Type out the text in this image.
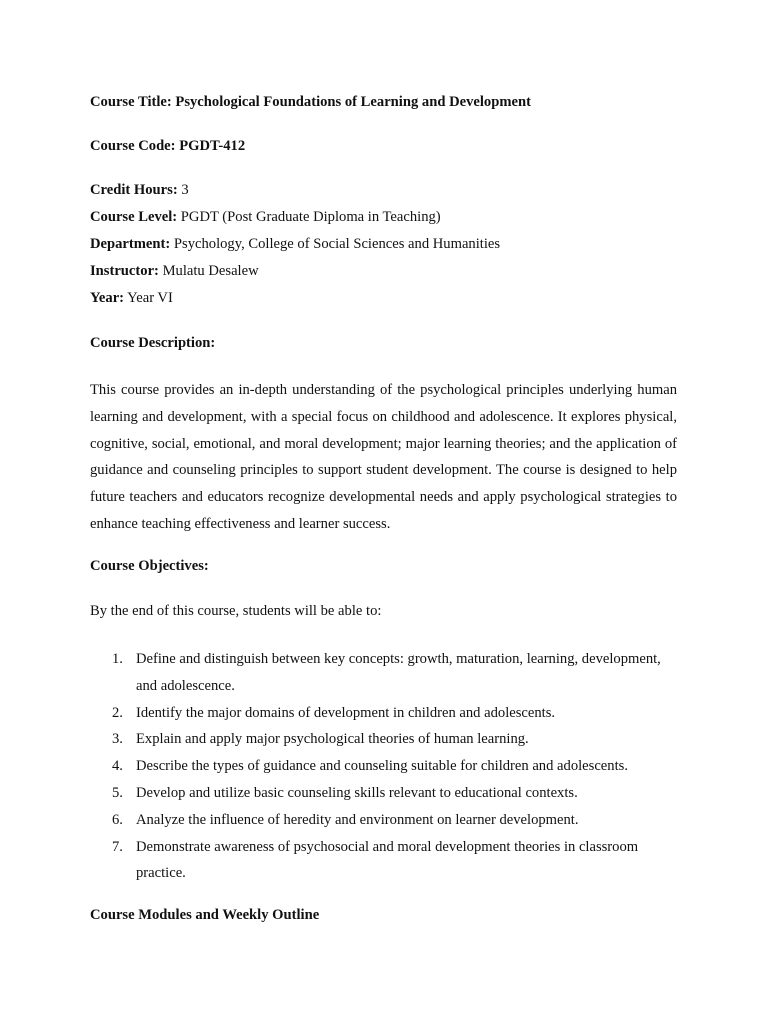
Course Title: Psychological Foundations of Learning and Development
Course Code: PGDT-412
Credit Hours: 3
Course Level: PGDT (Post Graduate Diploma in Teaching)
Department: Psychology, College of Social Sciences and Humanities
Instructor: Mulatu Desalew
Year: Year VI
Course Description:
This course provides an in-depth understanding of the psychological principles underlying human learning and development, with a special focus on childhood and adolescence. It explores physical, cognitive, social, emotional, and moral development; major learning theories; and the application of guidance and counseling principles to support student development. The course is designed to help future teachers and educators recognize developmental needs and apply psychological strategies to enhance teaching effectiveness and learner success.
Course Objectives:
By the end of this course, students will be able to:
1. Define and distinguish between key concepts: growth, maturation, learning, development, and adolescence.
2. Identify the major domains of development in children and adolescents.
3. Explain and apply major psychological theories of human learning.
4. Describe the types of guidance and counseling suitable for children and adolescents.
5. Develop and utilize basic counseling skills relevant to educational contexts.
6. Analyze the influence of heredity and environment on learner development.
7. Demonstrate awareness of psychosocial and moral development theories in classroom practice.
Course Modules and Weekly Outline
